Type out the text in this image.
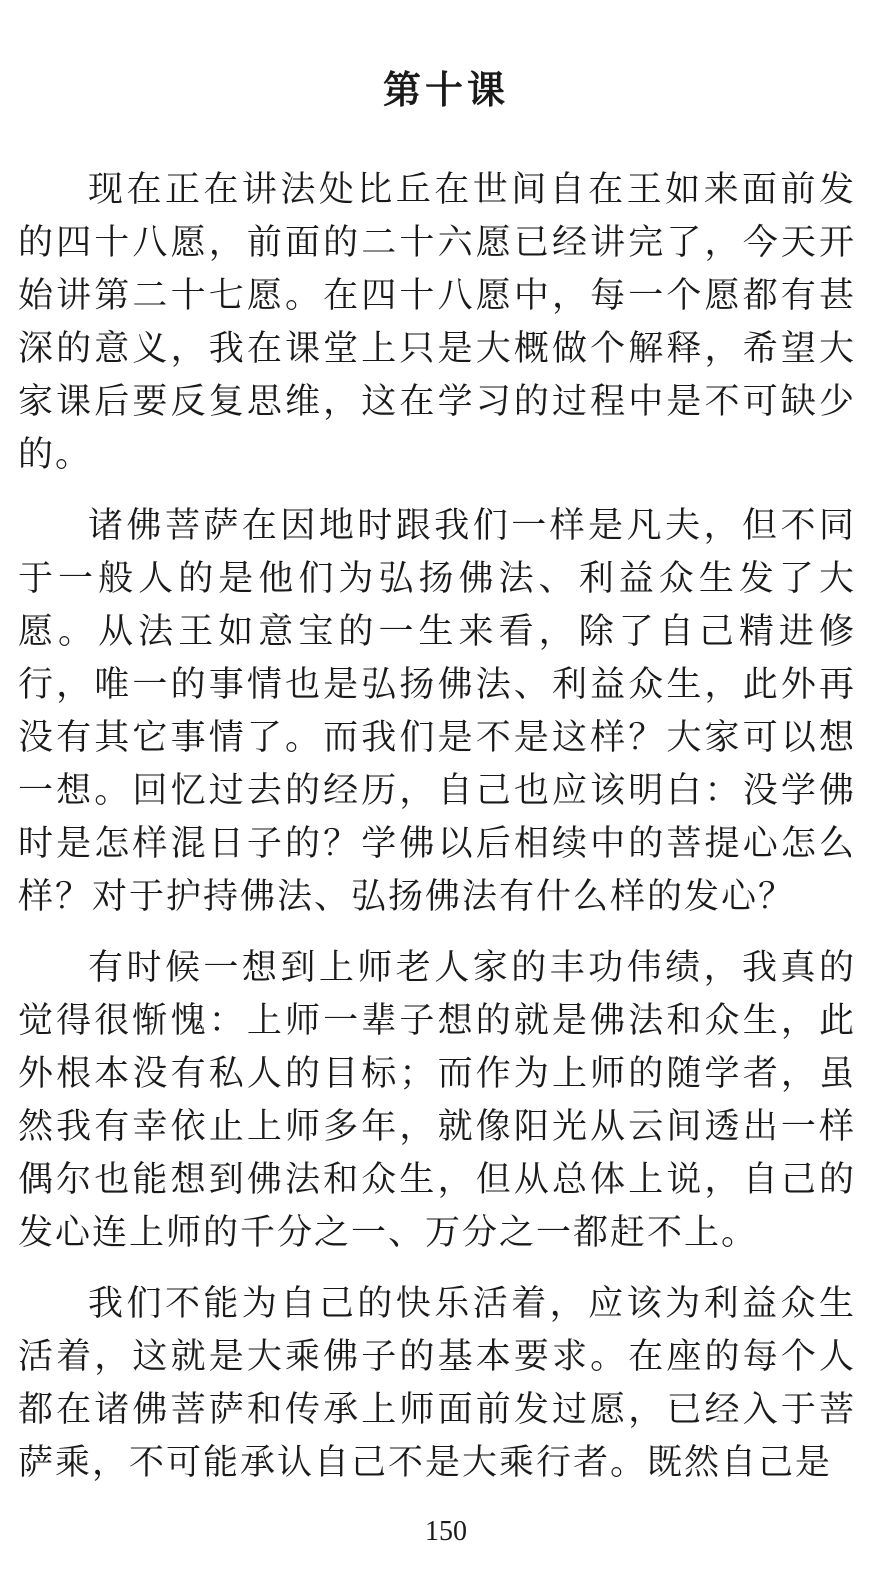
第十课

现在正在讲法处比丘在世间自在王如来面前发的四十八愿，前面的二十六愿已经讲完了，今天开始讲第二十七愿。在四十八愿中，每一个愿都有甚深的意义，我在课堂上只是大概做个解释，希望大家课后要反复思维，这在学习的过程中是不可缺少的。

诸佛菩萨在因地时跟我们一样是凡夫，但不同于一般人的是他们为弘扬佛法、利益众生发了大愿。从法王如意宝的一生来看，除了自己精进修行，唯一的事情也是弘扬佛法、利益众生，此外再没有其它事情了。而我们是不是这样？大家可以想一想。回忆过去的经历，自己也应该明白：没学佛时是怎样混日子的？学佛以后相续中的菩提心怎么样？对于护持佛法、弘扬佛法有什么样的发心？

有时候一想到上师老人家的丰功伟绩，我真的觉得很惭愧：上师一辈子想的就是佛法和众生，此外根本没有私人的目标；而作为上师的随学者，虽然我有幸依止上师多年，就像阳光从云间透出一样偶尔也能想到佛法和众生，但从总体上说，自己的发心连上师的千分之一、万分之一都赶不上。

我们不能为自己的快乐活着，应该为利益众生活着，这就是大乘佛子的基本要求。在座的每个人都在诸佛菩萨和传承上师面前发过愿，已经入于菩萨乘，不可能承认自己不是大乘行者。既然自己是

150
